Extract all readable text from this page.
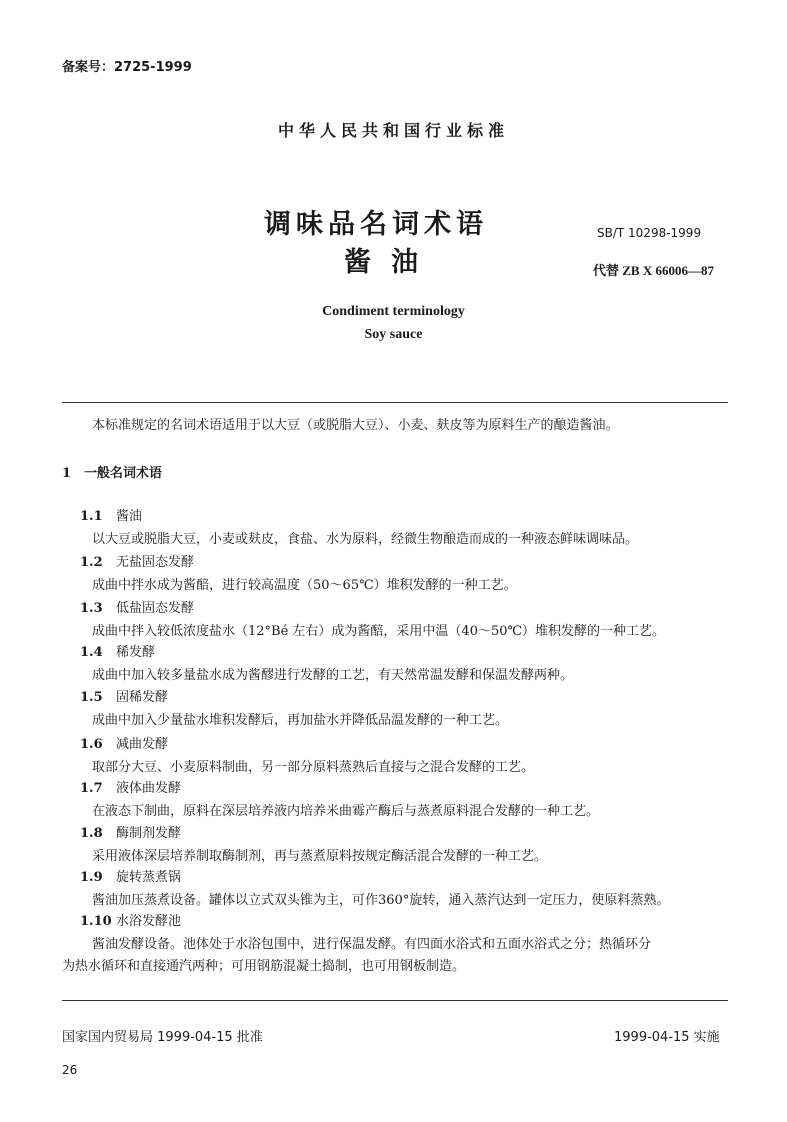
备案号：2725-1999
中华人民共和国行业标准
调味品名词术语
酱油
SB/T 10298-1999
代替 ZB X 66006—87
Condiment terminology
Soy sauce
本标准规定的名词术语适用于以大豆（或脱脂大豆）、小麦、麸皮等为原料生产的酿造酱油。
1 一般名词术语
1.1 酱油
以大豆或脱脂大豆，小麦或麸皮，食盐、水为原料，经微生物酿造而成的一种液态鲜味调味品。
1.2 无盐固态发酵
成曲中拌水成为酱醅，进行较高温度（50～65℃）堆积发酵的一种工艺。
1.3 低盐固态发酵
成曲中拌入较低浓度盐水（12°Bé 左右）成为酱醅，采用中温（40～50℃）堆积发酵的一种工艺。
1.4 稀发酵
成曲中加入较多量盐水成为酱醪进行发酵的工艺，有天然常温发酵和保温发酵两种。
1.5 固稀发酵
成曲中加入少量盐水堆积发酵后，再加盐水并降低品温发酵的一种工艺。
1.6 减曲发酵
取部分大豆、小麦原料制曲，另一部分原料蒸熟后直接与之混合发酵的工艺。
1.7 液体曲发酵
在液态下制曲，原料在深层培养液内培养米曲霉产酶后与蒸煮原料混合发酵的一种工艺。
1.8 酶制剂发酵
采用液体深层培养制取酶制剂，再与蒸煮原料按规定酶活混合发酵的一种工艺。
1.9 旋转蒸煮锅
酱油加压蒸煮设备。罐体以立式双头锥为主，可作360°旋转，通入蒸汽达到一定压力，使原料蒸熟。
1.10 水浴发酵池
酱油发酵设备。池体处于水浴包围中，进行保温发酵。有四面水浴式和五面水浴式之分；热循环分
为热水循环和直接通汽两种；可用钢筋混凝土捣制，也可用钢板制造。
国家国内贸易局 1999-04-15 批准	1999-04-15 实施
26
